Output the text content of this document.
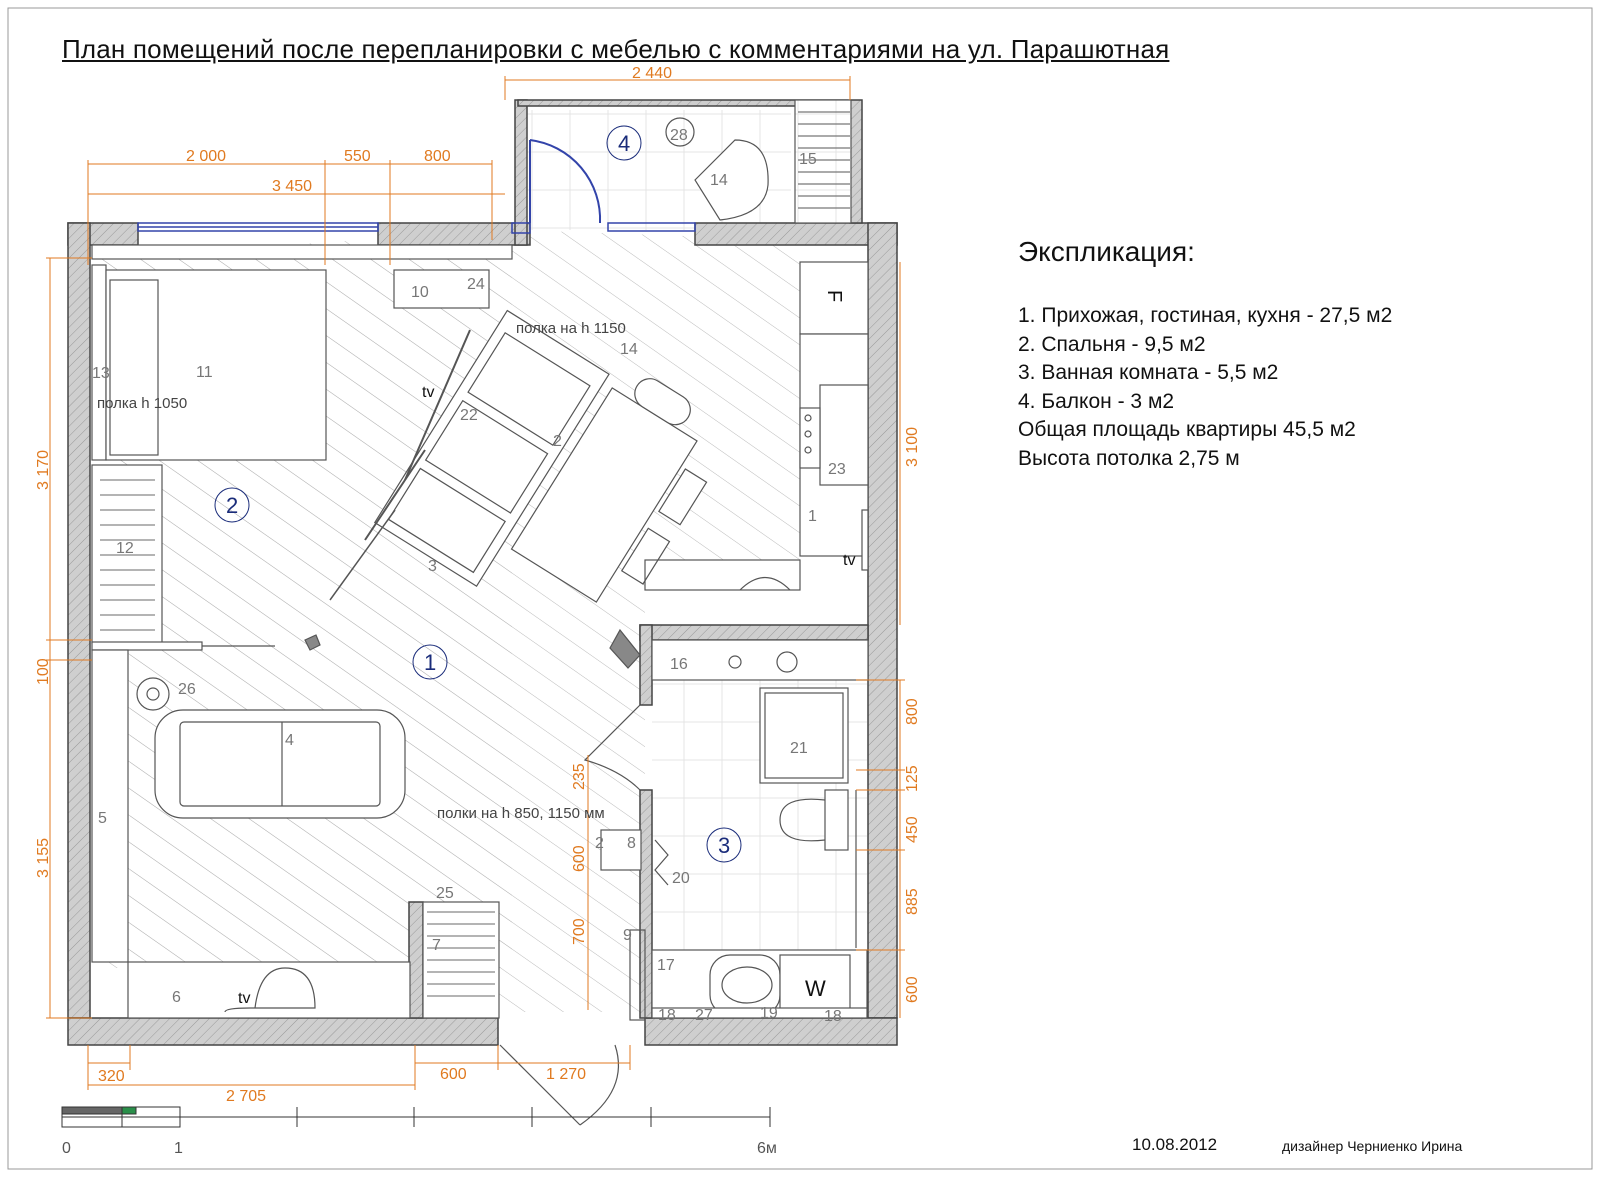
План помещений после перепланировки с мебелью с комментариями на ул. Парашютная
0	1	6м
2 000	550	800
3 450
2 440
3 170
100
3 155
3 100
800
125
450
885
600
320
2 705
600	1 270
235
600
700
1
2
3
4
1
2
2
3
4
5
6
7
8
9
10
11
12
13
14
14
15
16
17
18	18
19
20
21
22
23
24
25
26
27
28
F
W
tv
tv
tv
полка на h 1150
полка h 1050
полки на h 850, 1150 мм
Экспликация:
1. Прихожая, гостиная, кухня - 27,5 м2
2. Спальня - 9,5 м2
3. Ванная комната - 5,5 м2
4. Балкон - 3 м2
Общая площадь квартиры 45,5 м2
Высота потолка 2,75 м
10.08.2012	дизайнер Черниенко Ирина
